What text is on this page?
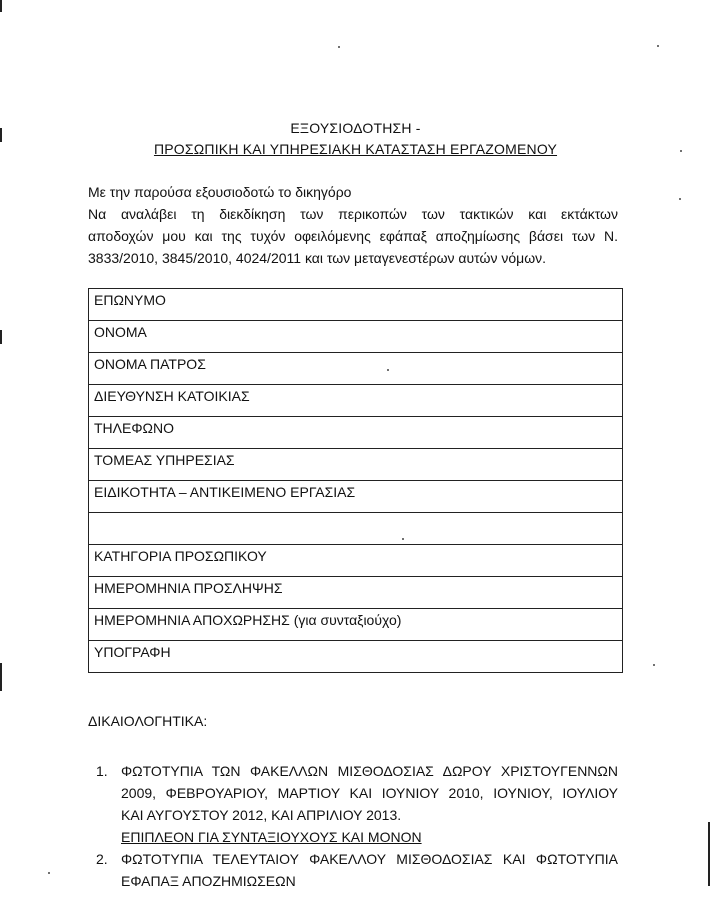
ΕΞΟΥΣΙΟΔΟΤΗΣΗ -
ΠΡΟΣΩΠΙΚΗ ΚΑΙ ΥΠΗΡΕΣΙΑΚΗ ΚΑΤΑΣΤΑΣΗ ΕΡΓΑΖΟΜΕΝΟΥ
Με την παρούσα εξουσιοδοτώ το δικηγόρο
Να αναλάβει τη διεκδίκηση των περικοπών των τακτικών και εκτάκτων
αποδοχών μου και της τυχόν οφειλόμενης εφάπαξ αποζημίωσης βάσει των Ν.
3833/2010, 3845/2010, 4024/2011 και των μεταγενεστέρων αυτών νόμων.
ΕΠΩΝΥΜΟ
ΟΝΟΜΑ
ΟΝΟΜΑ ΠΑΤΡΟΣ
ΔΙΕΥΘΥΝΣΗ ΚΑΤΟΙΚΙΑΣ
ΤΗΛΕΦΩΝΟ
ΤΟΜΕΑΣ ΥΠΗΡΕΣΙΑΣ
ΕΙΔΙΚΟΤΗΤΑ – ΑΝΤΙΚΕΙΜΕΝΟ ΕΡΓΑΣΙΑΣ

ΚΑΤΗΓΟΡΙΑ ΠΡΟΣΩΠΙΚΟΥ
ΗΜΕΡΟΜΗΝΙΑ ΠΡΟΣΛΗΨΗΣ
ΗΜΕΡΟΜΗΝΙΑ ΑΠΟΧΩΡΗΣΗΣ (για συνταξιούχο)
ΥΠΟΓΡΑΦΗ
ΔΙΚΑΙΟΛΟΓΗΤΙΚΑ:
1. ΦΩΤΟΤΥΠΙΑ ΤΩΝ ΦΑΚΕΛΛΩΝ ΜΙΣΘΟΔΟΣΙΑΣ ΔΩΡΟΥ ΧΡΙΣΤΟΥΓΕΝΝΩΝ
2009, ΦΕΒΡΟΥΑΡΙΟΥ, ΜΑΡΤΙΟΥ ΚΑΙ ΙΟΥΝΙΟΥ 2010, ΙΟΥΝΙΟΥ, ΙΟΥΛΙΟΥ
ΚΑΙ ΑΥΓΟΥΣΤΟΥ 2012, ΚΑΙ ΑΠΡΙΛΙΟΥ 2013.
ΕΠΙΠΛΕΟΝ ΓΙΑ ΣΥΝΤΑΞΙΟΥΧΟΥΣ ΚΑΙ ΜΟΝΟΝ
2. ΦΩΤΟΤΥΠΙΑ ΤΕΛΕΥΤΑΙΟΥ ΦΑΚΕΛΛΟΥ ΜΙΣΘΟΔΟΣΙΑΣ ΚΑΙ ΦΩΤΟΤΥΠΙΑ
ΕΦΑΠΑΞ ΑΠΟΖΗΜΙΩΣΕΩΝ
